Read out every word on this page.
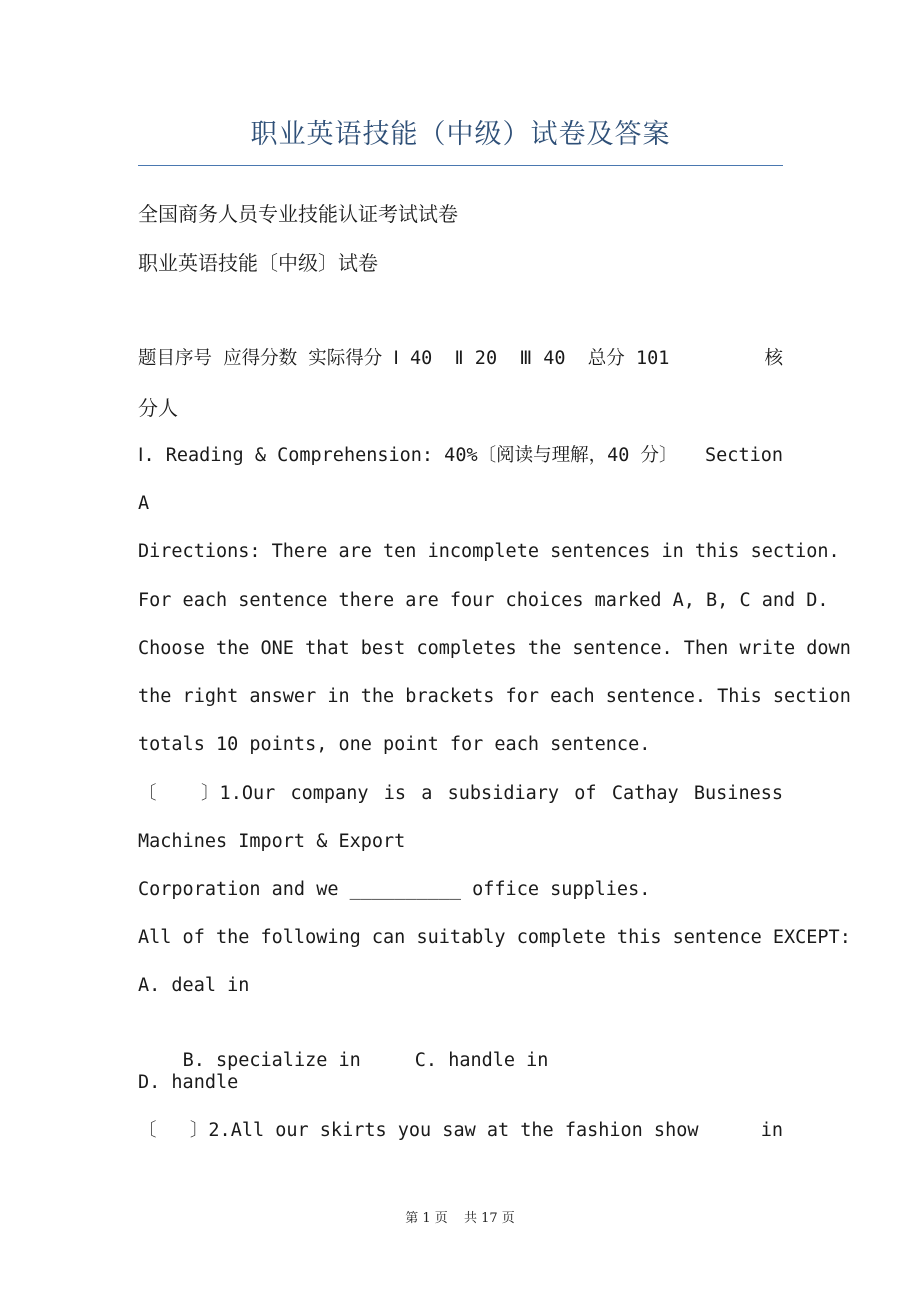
职业英语技能（中级）试卷及答案
全国商务人员专业技能认证考试试卷
职业英语技能〔中级〕试卷
题目序号 应得分数 实际得分 Ⅰ 40  Ⅱ 20  Ⅲ 40  总分 101	核
分人
Ⅰ. Reading & Comprehension: 40%〔阅读与理解，40 分〕 Section
A
Directions: There are ten incomplete sentences in this section.
For each sentence there are four choices marked A, B, C and D.
Choose the ONE that best completes the sentence. Then write down
the right answer in the brackets for each sentence. This section
totals 10 points, one point for each sentence.
〔    〕1.Our company is a subsidiary of Cathay Business
Machines Import & Export
Corporation and we __________ office supplies.
All of the following can suitably complete this sentence EXCEPT:
A. deal in

B. specialize in	C. handle in

D. handle
〔   〕2.All our skirts you saw at the fashion show	in
第 1 页 共 17 页
